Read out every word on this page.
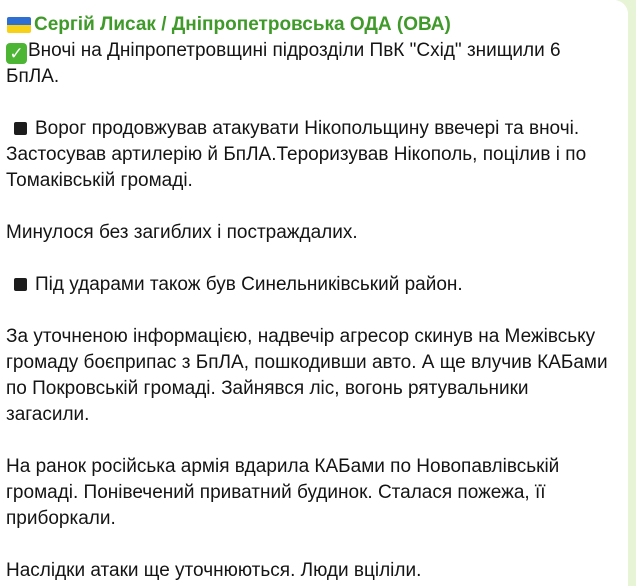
Сергій Лисак / Дніпропетровська ОДА (ОВА)

✓ Вночі на Дніпропетровщині підрозділи ПвК "Схід" знищили 6 БпЛА.

Ворог продовжував атакувати Нікопольщину ввечері та вночі. Застосував артилерію й БпЛА.Тероризував Нікополь, поцілив і по Томаківській громаді.

Минулося без загиблих і постраждалих.

Під ударами також був Синельниківський район.

За уточненою інформацією, надвечір агресор скинув на Межівську громаду боєприпас з БпЛА, пошкодивши авто. А ще влучив КАБами по Покровській громаді. Зайнявся ліс, вогонь рятувальники загасили.

На ранок російська армія вдарила КАБами по Новопавлівській громаді. Понівечений приватний будинок. Сталася пожежа, її приборкали.

Наслідки атаки ще уточнюються. Люди вціліли.
